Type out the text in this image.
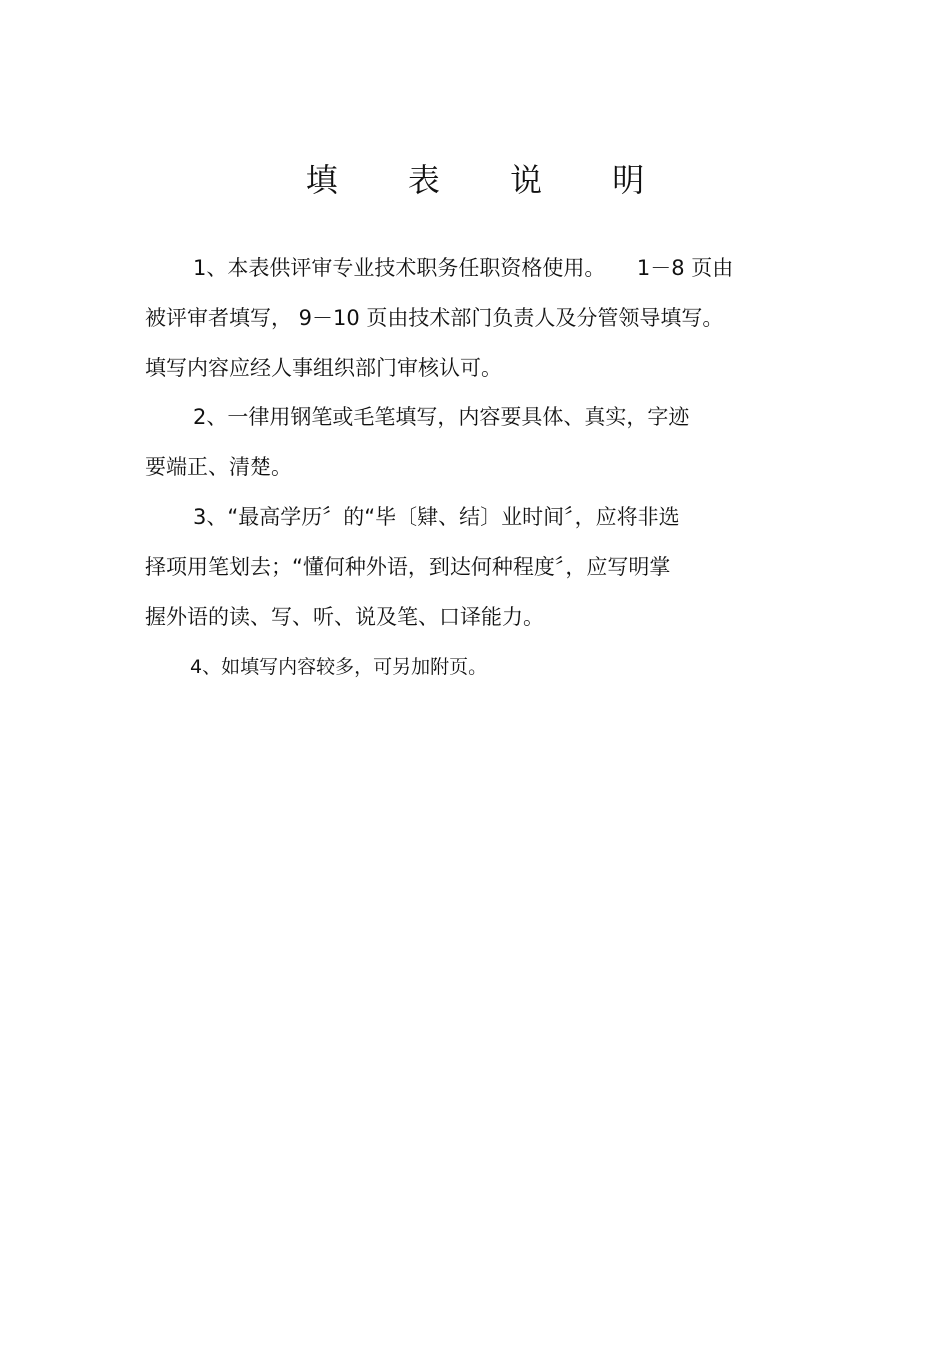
填 表 说 明
1、本表供评审专业技术职务任职资格使用。　　1－8 页由
被评审者填写， 9－10 页由技术部门负责人及分管领导填写。
填写内容应经人事组织部门审核认可。
2、一律用钢笔或毛笔填写，内容要具体、真实，字迹
要端正、清楚。
3、“最高学历〞的“毕〔肄、结〕业时间〞，应将非选
择项用笔划去；“懂何种外语，到达何种程度〞，应写明掌
握外语的读、写、听、说及笔、口译能力。
4、如填写内容较多，可另加附页。
